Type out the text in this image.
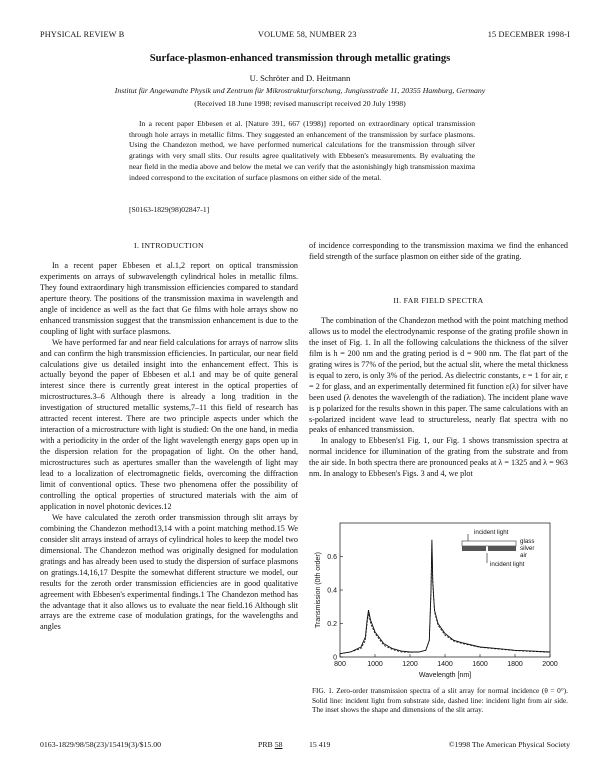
PHYSICAL REVIEW B	VOLUME 58, NUMBER 23	15 DECEMBER 1998-I
Surface-plasmon-enhanced transmission through metallic gratings
U. Schröter and D. Heitmann
Institut für Angewandte Physik und Zentrum für Mikrostrukturforschung, Jungiusstraße 11, 20355 Hamburg, Germany
(Received 18 June 1998; revised manuscript received 20 July 1998)
In a recent paper Ebbesen et al. [Nature 391, 667 (1998)] reported on extraordinary optical transmission through hole arrays in metallic films. They suggested an enhancement of the transmission by surface plasmons. Using the Chandezon method, we have performed numerical calculations for the transmission through silver gratings with very small slits. Our results agree qualitatively with Ebbesen's measurements. By evaluating the near field in the media above and below the metal we can verify that the astonishingly high transmission maxima indeed correspond to the excitation of surface plasmons on either side of the metal.
[S0163-1829(98)02847-1]
I. INTRODUCTION

In a recent paper Ebbesen et al.1,2 report on optical transmission experiments on arrays of subwavelength cylindrical holes in metallic films. They found extraordinary high transmission efficiencies compared to standard aperture theory. The positions of the transmission maxima in wavelength and angle of incidence as well as the fact that Ge films with hole arrays show no enhanced transmission suggest that the transmission enhancement is due to the coupling of light with surface plasmons.

We have performed far and near field calculations for arrays of narrow slits and can confirm the high transmission efficiencies. In particular, our near field calculations give us detailed insight into the enhancement effect. This is actually beyond the paper of Ebbesen et al.1 and may be of quite general interest since there is currently great interest in the optical properties of microstructures.3–6 Although there is already a long tradition in the investigation of structured metallic systems,7–11 this field of research has attracted recent interest. There are two principle aspects under which the interaction of a microstructure with light is studied: On the one hand, in media with a periodicity in the order of the light wavelength energy gaps open up in the dispersion relation for the propagation of light. On the other hand, microstructures such as apertures smaller than the wavelength of light may lead to a localization of electromagnetic fields, overcoming the diffraction limit of conventional optics. These two phenomena offer the possibility of controlling the optical properties of structured materials with the aim of application in novel photonic devices.12

We have calculated the zeroth order transmission through slit arrays by combining the Chandezon method13,14 with a point matching method.15 We consider slit arrays instead of arrays of cylindrical holes to keep the model two dimensional. The Chandezon method was originally designed for modulation gratings and has already been used to study the dispersion of surface plasmons on gratings.14,16,17 Despite the somewhat different structure we model, our results for the zeroth order transmission efficiencies are in good qualitative agreement with Ebbesen's experimental findings.1 The Chandezon method has the advantage that it also allows us to evaluate the near field.16 Although slit arrays are the extreme case of modulation gratings, for the wavelengths and angles

of incidence corresponding to the transmission maxima we find the enhanced field strength of the surface plasmon on either side of the grating.

II. FAR FIELD SPECTRA

The combination of the Chandezon method with the point matching method allows us to model the electrodynamic response of the grating profile shown in the inset of Fig. 1. In all the following calculations the thickness of the silver film is h = 200 nm and the grating period is d = 900 nm. The flat part of the grating wires is 77% of the period, but the actual slit, where the metal thickness is equal to zero, is only 3% of the period. As dielectric constants, ε = 1 for air, ε = 2 for glass, and an experimentally determined fit function ε(λ) for silver have been used (λ denotes the wavelength of the radiation). The incident plane wave is p polarized for the results shown in this paper. The same calculations with an s-polarized incident wave lead to structureless, nearly flat spectra with no peaks of enhanced transmission.

In analogy to Ebbesen's1 Fig. 1, our Fig. 1 shows transmission spectra at normal incidence for illumination of the grating from the substrate and from the air side. In both spectra there are pronounced peaks at λ = 1325 and λ = 963 nm. In analogy to Ebbesen's Figs. 3 and 4, we plot

0
0.2
0.4
0.6
800	1000	1200	1400	1600	1800	2000
Transmission (0th order)
Wavelength [nm]
incident light
glass
silver
air
incident light
FIG. 1. Zero-order transmission spectra of a slit array for normal incidence (θ = 0°). Solid line: incident light from substrate side, dashed line: incident light from air side. The inset shows the shape and dimensions of the slit array.
0163-1829/98/58(23)/15419(3)/$15.00	PRB 58	15 419	©1998 The American Physical Society
